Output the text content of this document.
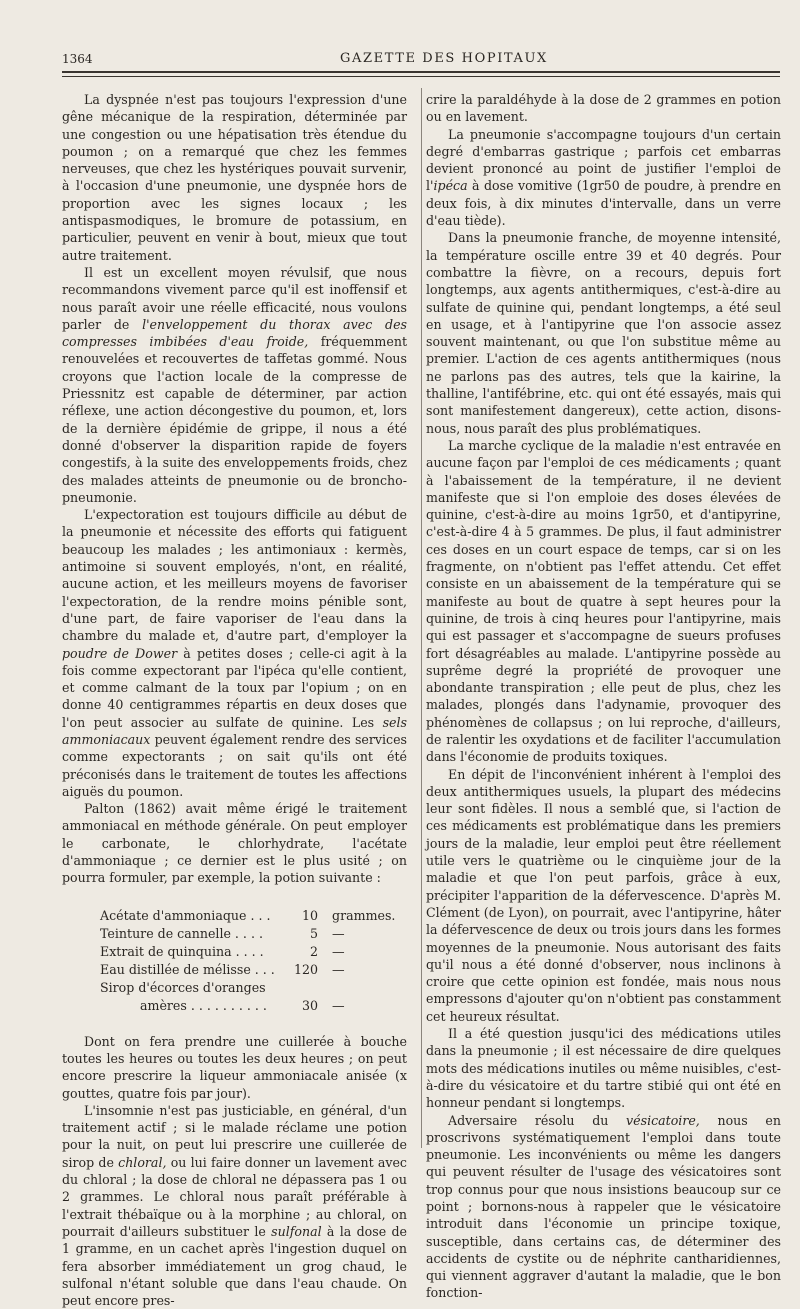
1364	GAZETTE DES HOPITAUX

La dyspnée n'est pas toujours l'expression d'une gêne mécanique de la respiration, déterminée par une congestion ou une hépatisation très étendue du poumon ; on a remarqué que chez les femmes nerveuses, que chez les hystériques pouvait survenir, à l'occasion d'une pneumonie, une dyspnée hors de proportion avec les signes locaux ; les antispasmodiques, le bromure de potassium, en particulier, peuvent en venir à bout, mieux que tout autre traitement.

Il est un excellent moyen révulsif, que nous recommandons vivement parce qu'il est inoffensif et nous paraît avoir une réelle efficacité, nous voulons parler de l'enveloppement du thorax avec des compresses imbibées d'eau froide, fréquemment renouvelées et recouvertes de taffetas gommé. Nous croyons que l'action locale de la compresse de Priessnitz est capable de déterminer, par action réflexe, une action décongestive du poumon, et, lors de la dernière épidémie de grippe, il nous a été donné d'observer la disparition rapide de foyers congestifs, à la suite des enveloppements froids, chez des malades atteints de pneumonie ou de broncho-pneumonie.

L'expectoration est toujours difficile au début de la pneumonie et nécessite des efforts qui fatiguent beaucoup les malades ; les antimoniaux : kermès, antimoine si souvent employés, n'ont, en réalité, aucune action, et les meilleurs moyens de favoriser l'expectoration, de la rendre moins pénible sont, d'une part, de faire vaporiser de l'eau dans la chambre du malade et, d'autre part, d'employer la poudre de Dower à petites doses ; celle-ci agit à la fois comme expectorant par l'ipéca qu'elle contient, et comme calmant de la toux par l'opium ; on en donne 40 centigrammes répartis en deux doses que l'on peut associer au sulfate de quinine. Les sels ammoniacaux peuvent également rendre des services comme expectorants ; on sait qu'ils ont été préconisés dans le traitement de toutes les affections aiguës du poumon.

Palton (1862) avait même érigé le traitement ammoniacal en méthode générale. On peut employer le carbonate, le chlorhydrate, l'acétate d'ammoniaque ; ce dernier est le plus usité ; on pourra formuler, par exemple, la potion suivante :

Acétate d'ammoniaque . . .	10	grammes.
Teinture de cannelle . . . .	5	—
Extrait de quinquina . . . .	2	—
Eau distillée de mélisse . . .	120	—
Sirop d'écorces d'oranges		
amères . . . . . . . . . .	30	—

Dont on fera prendre une cuillerée à bouche toutes les heures ou toutes les deux heures ; on peut encore prescrire la liqueur ammoniacale anisée (x gouttes, quatre fois par jour).

L'insomnie n'est pas justiciable, en général, d'un traitement actif ; si le malade réclame une potion pour la nuit, on peut lui prescrire une cuillerée de sirop de chloral, ou lui faire donner un lavement avec du chloral ; la dose de chloral ne dépassera pas 1 ou 2 grammes. Le chloral nous paraît préférable à l'extrait thébaïque ou à la morphine ; au chloral, on pourrait d'ailleurs substituer le sulfonal à la dose de 1 gramme, en un cachet après l'ingestion duquel on fera absorber immédiatement un grog chaud, le sulfonal n'étant soluble que dans l'eau chaude. On peut encore pres-

crire la paraldéhyde à la dose de 2 grammes en potion ou en lavement.

La pneumonie s'accompagne toujours d'un certain degré d'embarras gastrique ; parfois cet embarras devient prononcé au point de justifier l'emploi de l'ipéca à dose vomitive (1gr50 de poudre, à prendre en deux fois, à dix minutes d'intervalle, dans un verre d'eau tiède).

Dans la pneumonie franche, de moyenne intensité, la température oscille entre 39 et 40 degrés. Pour combattre la fièvre, on a recours, depuis fort longtemps, aux agents antithermiques, c'est-à-dire au sulfate de quinine qui, pendant longtemps, a été seul en usage, et à l'antipyrine que l'on associe assez souvent maintenant, ou que l'on substitue même au premier. L'action de ces agents antithermiques (nous ne parlons pas des autres, tels que la kairine, la thalline, l'antifébrine, etc. qui ont été essayés, mais qui sont manifestement dangereux), cette action, disons-nous, nous paraît des plus problématiques.

La marche cyclique de la maladie n'est entravée en aucune façon par l'emploi de ces médicaments ; quant à l'abaissement de la température, il ne devient manifeste que si l'on emploie des doses élevées de quinine, c'est-à-dire au moins 1gr50, et d'antipyrine, c'est-à-dire 4 à 5 grammes. De plus, il faut administrer ces doses en un court espace de temps, car si on les fragmente, on n'obtient pas l'effet attendu. Cet effet consiste en un abaissement de la température qui se manifeste au bout de quatre à sept heures pour la quinine, de trois à cinq heures pour l'antipyrine, mais qui est passager et s'accompagne de sueurs profuses fort désagréables au malade. L'antipyrine possède au suprême degré la propriété de provoquer une abondante transpiration ; elle peut de plus, chez les malades, plongés dans l'adynamie, provoquer des phénomènes de collapsus ; on lui reproche, d'ailleurs, de ralentir les oxydations et de faciliter l'accumulation dans l'économie de produits toxiques.

En dépit de l'inconvénient inhérent à l'emploi des deux antithermiques usuels, la plupart des médecins leur sont fidèles. Il nous a semblé que, si l'action de ces médicaments est problématique dans les premiers jours de la maladie, leur emploi peut être réellement utile vers le quatrième ou le cinquième jour de la maladie et que l'on peut parfois, grâce à eux, précipiter l'apparition de la défervescence. D'après M. Clément (de Lyon), on pourrait, avec l'antipyrine, hâter la défervescence de deux ou trois jours dans les formes moyennes de la pneumonie. Nous autorisant des faits qu'il nous a été donné d'observer, nous inclinons à croire que cette opinion est fondée, mais nous nous empressons d'ajouter qu'on n'obtient pas constamment cet heureux résultat.

Il a été question jusqu'ici des médications utiles dans la pneumonie ; il est nécessaire de dire quelques mots des médications inutiles ou même nuisibles, c'est-à-dire du vésicatoire et du tartre stibié qui ont été en honneur pendant si longtemps.

Adversaire résolu du vésicatoire, nous en proscrivons systématiquement l'emploi dans toute pneumonie. Les inconvénients ou même les dangers qui peuvent résulter de l'usage des vésicatoires sont trop connus pour que nous insistions beaucoup sur ce point ; bornons-nous à rappeler que le vésicatoire introduit dans l'économie un principe toxique, susceptible, dans certains cas, de déterminer des accidents de cystite ou de néphrite cantharidiennes, qui viennent aggraver d'autant la maladie, que le bon fonction-
